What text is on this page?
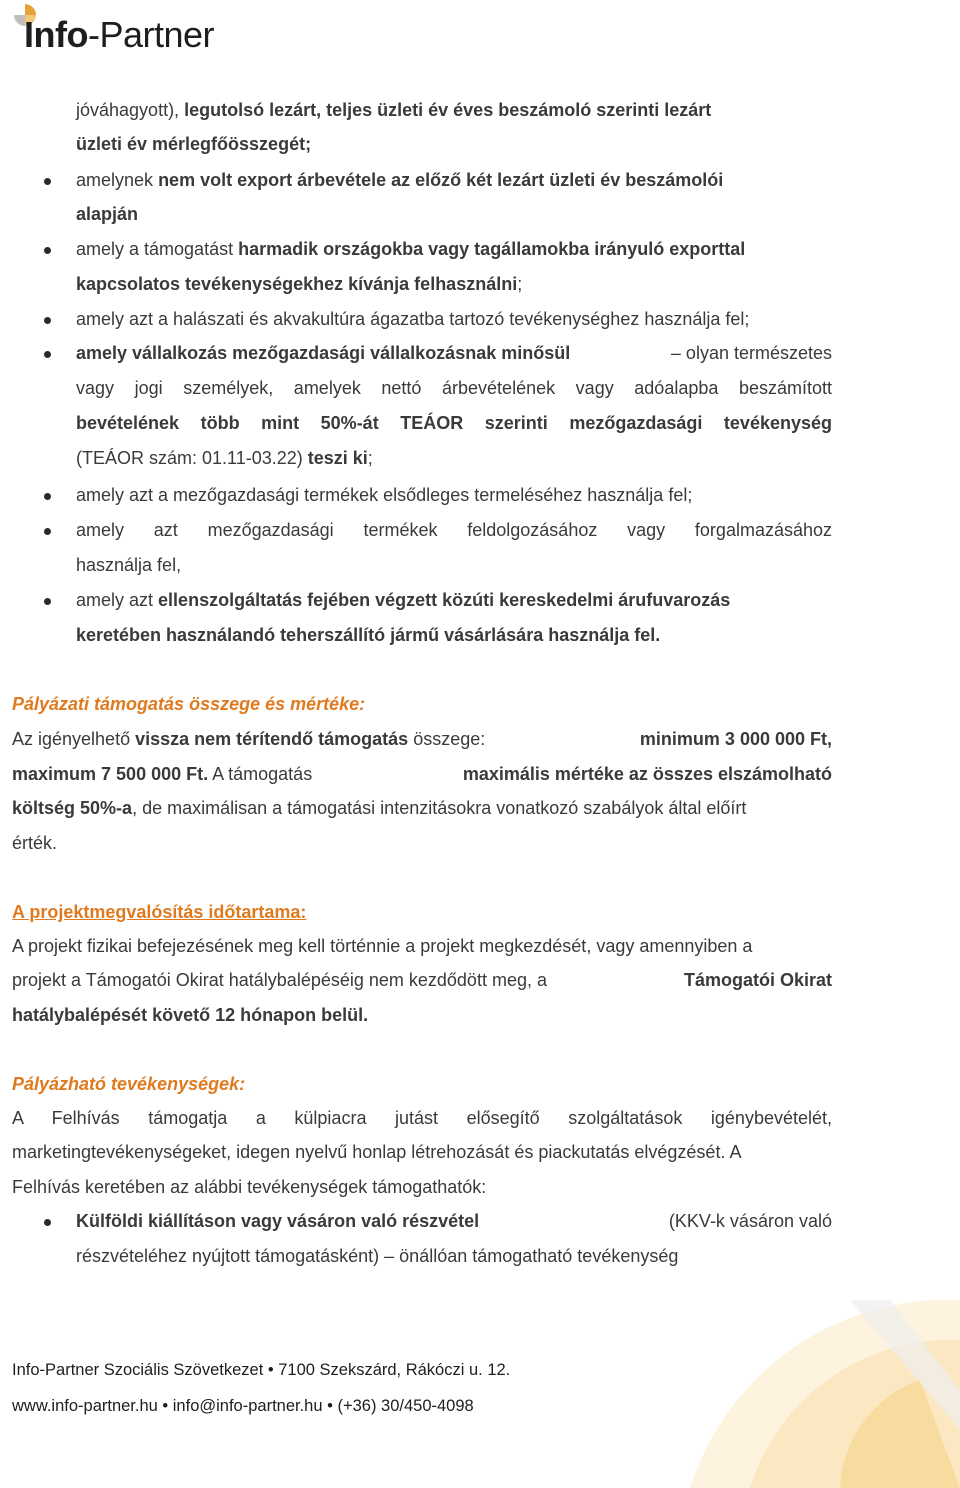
Info-Partner
jóváhagyott), legutolsó lezárt, teljes üzleti év éves beszámoló szerinti lezárt
üzleti év mérlegfőösszegét;
amelynek nem volt export árbevétele az előző két lezárt üzleti év beszámolói
alapján
amely a támogatást harmadik országokba vagy tagállamokba irányuló exporttal
kapcsolatos tevékenységekhez kívánja felhasználni;
amely azt a halászati és akvakultúra ágazatba tartozó tevékenységhez használja fel;
amely vállalkozás mezőgazdasági vállalkozásnak minősül	– olyan természetes
vagy jogi személyek, amelyek nettó árbevételének vagy adóalapba beszámított
bevételének több mint 50%-át TEÁOR szerinti mezőgazdasági tevékenység
(TEÁOR szám: 01.11-03.22) teszi ki;
amely azt a mezőgazdasági termékek elsődleges termeléséhez használja fel;
amely azt mezőgazdasági termékek feldolgozásához vagy forgalmazásához
használja fel,
amely azt ellenszolgáltatás fejében végzett közúti kereskedelmi árufuvarozás
keretében használandó teherszállító jármű vásárlására használja fel.
Pályázati támogatás összege és mértéke:
Az igényelhető vissza nem térítendő támogatás összege:	minimum 3 000 000 Ft,
maximum 7 500 000 Ft. A támogatás	maximális mértéke az összes elszámolható
költség 50%-a, de maximálisan a támogatási intenzitásokra vonatkozó szabályok által előírt
érték.
A projektmegvalósítás időtartama:
A projekt fizikai befejezésének meg kell történnie a projekt megkezdését, vagy amennyiben a
projekt a Támogatói Okirat hatálybalépéséig nem kezdődött meg, a	Támogatói Okirat
hatálybalépését követő 12 hónapon belül.
Pályázható tevékenységek:
A Felhívás támogatja a külpiacra jutást elősegítő szolgáltatások igénybevételét,
marketingtevékenységeket, idegen nyelvű honlap létrehozását és piackutatás elvégzését. A
Felhívás keretében az alábbi tevékenységek támogathatók:
Külföldi kiállításon vagy vásáron való részvétel	(KKV-k vásáron való
részvételéhez nyújtott támogatásként) – önállóan támogatható tevékenység
Info-Partner Szociális Szövetkezet • 7100 Szekszárd, Rákóczi u. 12.
www.info-partner.hu • info@info-partner.hu • (+36) 30/450-4098
